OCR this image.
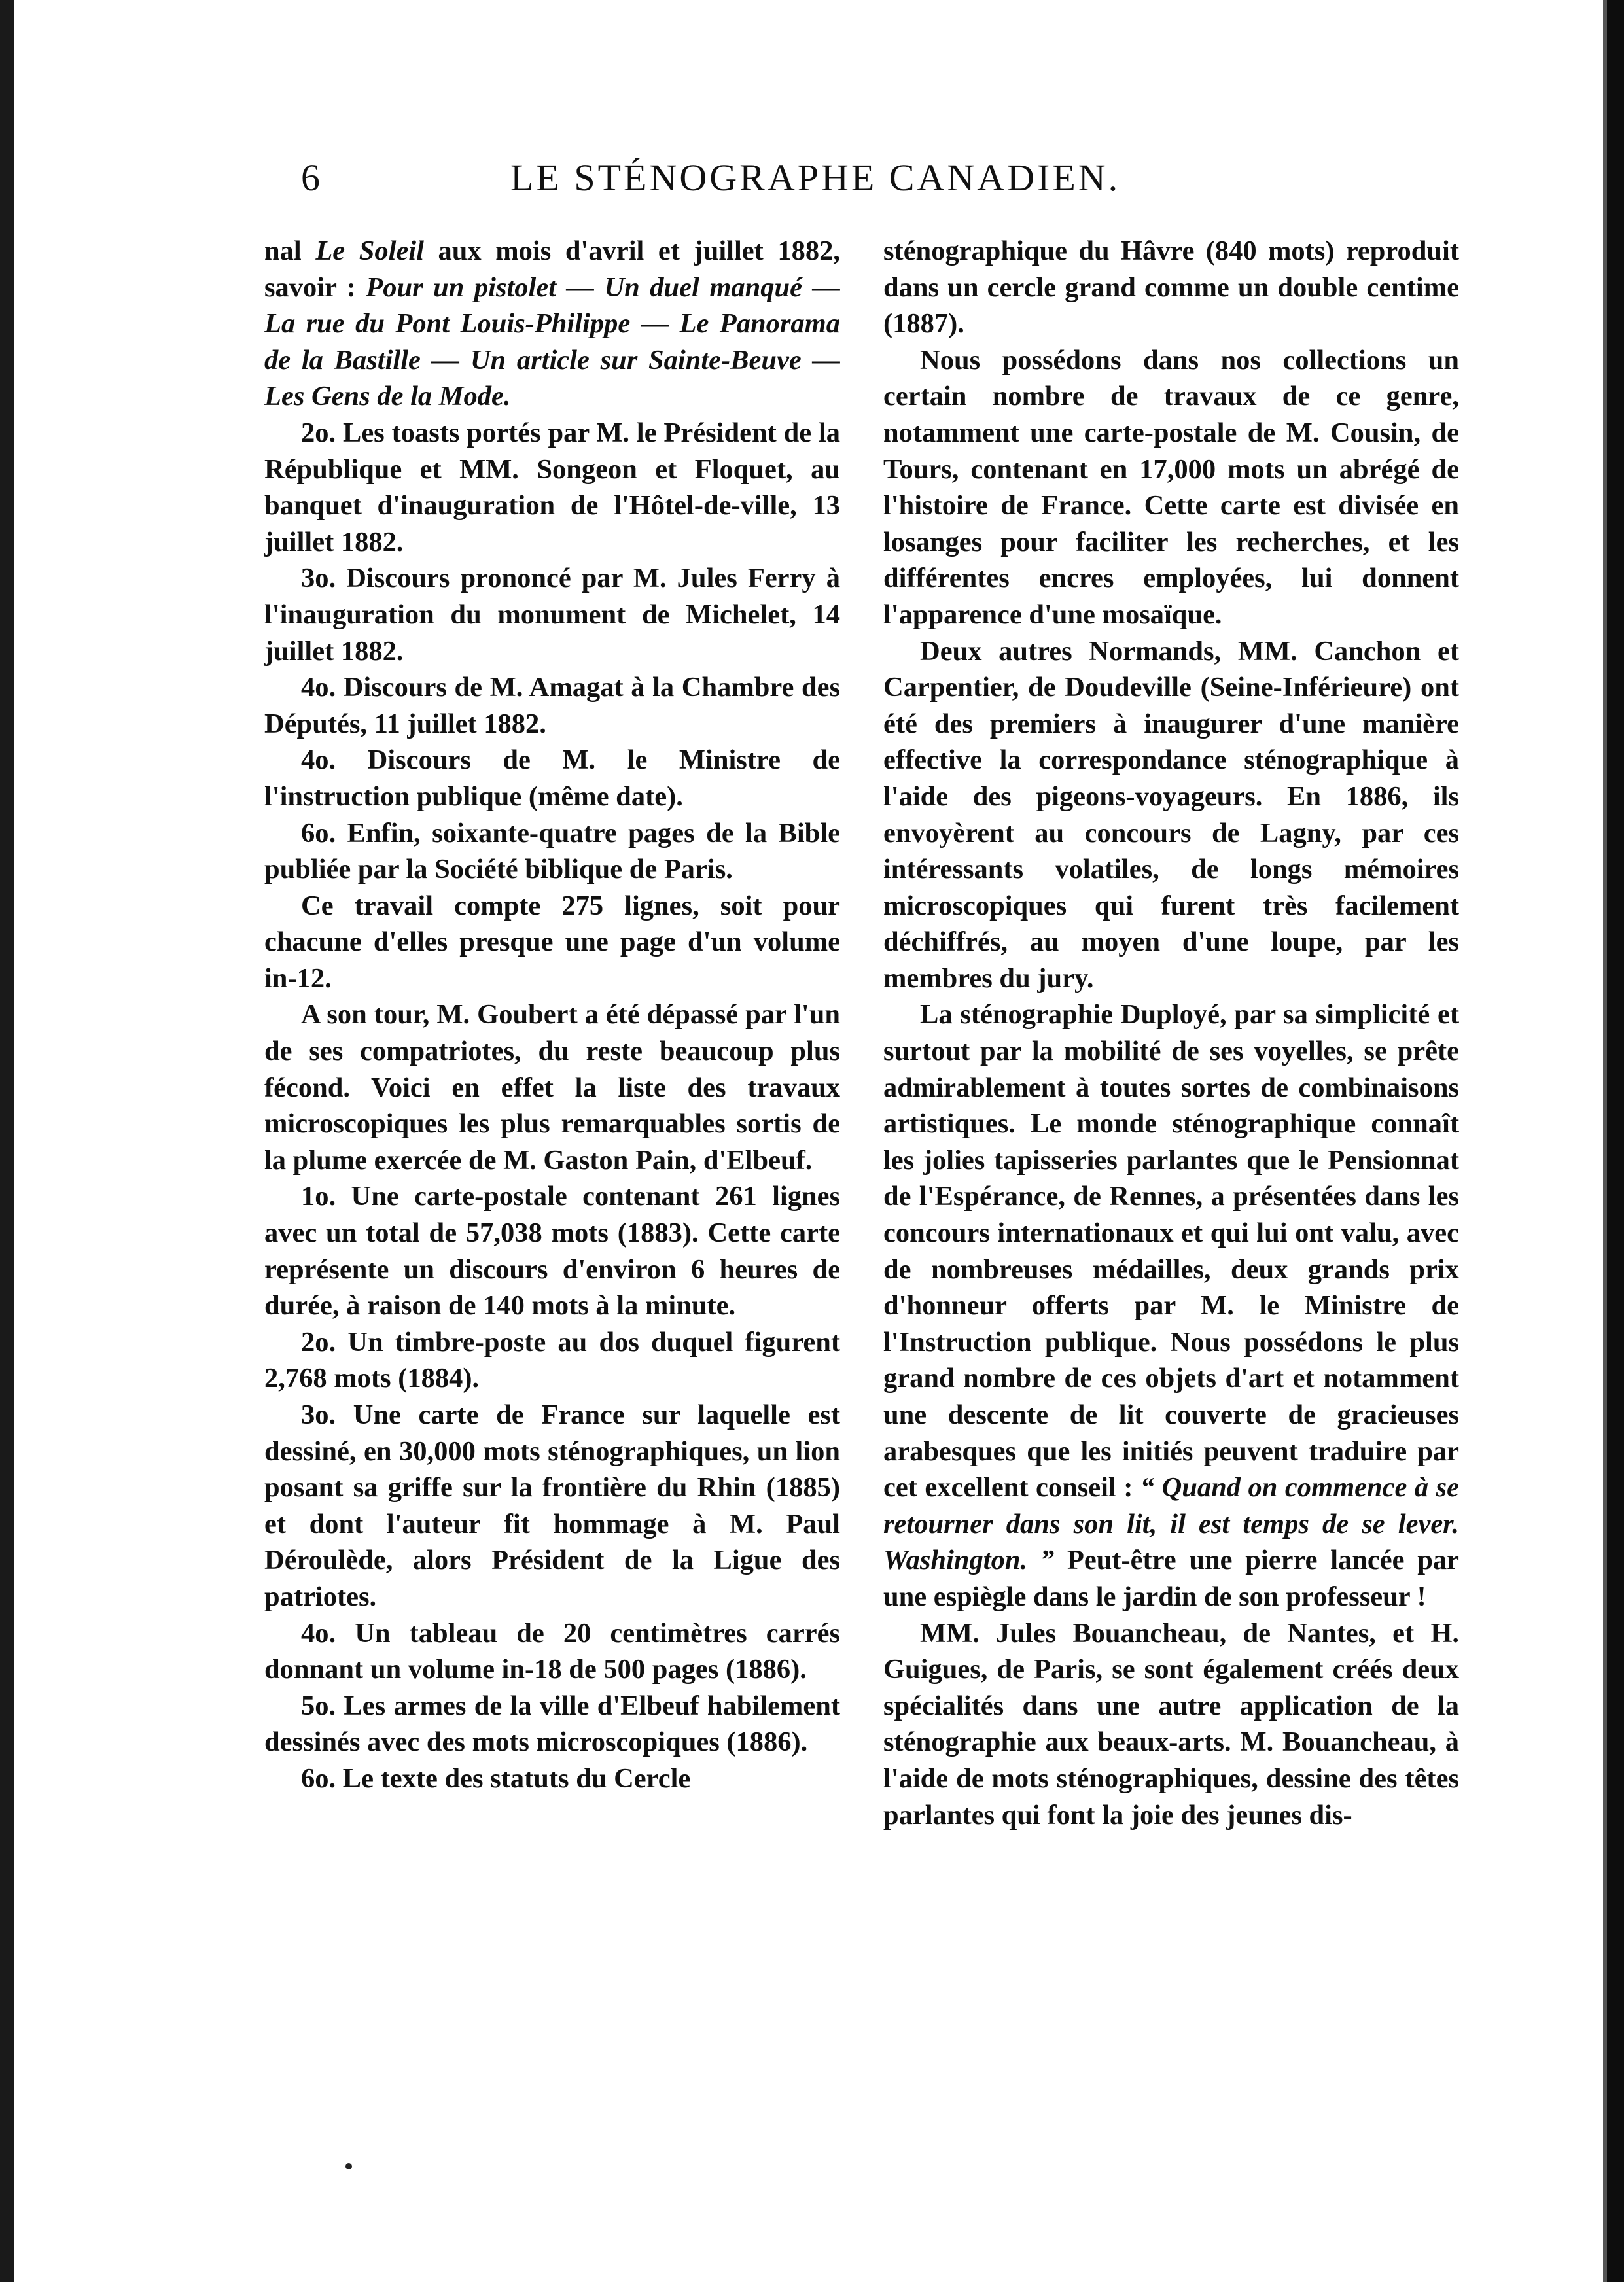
6	LE STÉNOGRAPHE CANADIEN.

nal Le Soleil aux mois d'avril et juillet 1882, savoir : Pour un pistolet — Un duel manqué — La rue du Pont Louis-Philippe — Le Panorama de la Bastille — Un article sur Sainte-Beuve — Les Gens de la Mode.

2o. Les toasts portés par M. le Président de la République et MM. Songeon et Floquet, au banquet d'inauguration de l'Hôtel-de-ville, 13 juillet 1882.

3o. Discours prononcé par M. Jules Ferry à l'inauguration du monument de Michelet, 14 juillet 1882.

4o. Discours de M. Amagat à la Chambre des Députés, 11 juillet 1882.

4o. Discours de M. le Ministre de l'instruction publique (même date).

6o. Enfin, soixante-quatre pages de la Bible publiée par la Société biblique de Paris.

Ce travail compte 275 lignes, soit pour chacune d'elles presque une page d'un volume in-12.

A son tour, M. Goubert a été dépassé par l'un de ses compatriotes, du reste beaucoup plus fécond. Voici en effet la liste des travaux microscopiques les plus remarquables sortis de la plume exercée de M. Gaston Pain, d'Elbeuf.

1o. Une carte-postale contenant 261 lignes avec un total de 57,038 mots (1883). Cette carte représente un discours d'environ 6 heures de durée, à raison de 140 mots à la minute.

2o. Un timbre-poste au dos duquel figurent 2,768 mots (1884).

3o. Une carte de France sur laquelle est dessiné, en 30,000 mots sténographiques, un lion posant sa griffe sur la frontière du Rhin (1885) et dont l'auteur fit hommage à M. Paul Déroulède, alors Président de la Ligue des patriotes.

4o. Un tableau de 20 centimètres carrés donnant un volume in-18 de 500 pages (1886).

5o. Les armes de la ville d'Elbeuf habilement dessinés avec des mots microscopiques (1886).

6o. Le texte des statuts du Cercle

sténographique du Hâvre (840 mots) reproduit dans un cercle grand comme un double centime (1887).

Nous possédons dans nos collections un certain nombre de travaux de ce genre, notamment une carte-postale de M. Cousin, de Tours, contenant en 17,000 mots un abrégé de l'histoire de France. Cette carte est divisée en losanges pour faciliter les recherches, et les différentes encres employées, lui donnent l'apparence d'une mosaïque.

Deux autres Normands, MM. Canchon et Carpentier, de Doudeville (Seine-Inférieure) ont été des premiers à inaugurer d'une manière effective la correspondance sténographique à l'aide des pigeons-voyageurs. En 1886, ils envoyèrent au concours de Lagny, par ces intéressants volatiles, de longs mémoires microscopiques qui furent très facilement déchiffrés, au moyen d'une loupe, par les membres du jury.

La sténographie Duployé, par sa simplicité et surtout par la mobilité de ses voyelles, se prête admirablement à toutes sortes de combinaisons artistiques. Le monde sténographique connaît les jolies tapisseries parlantes que le Pensionnat de l'Espérance, de Rennes, a présentées dans les concours internationaux et qui lui ont valu, avec de nombreuses médailles, deux grands prix d'honneur offerts par M. le Ministre de l'Instruction publique. Nous possédons le plus grand nombre de ces objets d'art et notamment une descente de lit couverte de gracieuses arabesques que les initiés peuvent traduire par cet excellent conseil : “ Quand on commence à se retourner dans son lit, il est temps de se lever. Washington. ” Peut-être une pierre lancée par une espiègle dans le jardin de son professeur !

MM. Jules Bouancheau, de Nantes, et H. Guigues, de Paris, se sont également créés deux spécialités dans une autre application de la sténographie aux beaux-arts. M. Bouancheau, à l'aide de mots sténographiques, dessine des têtes parlantes qui font la joie des jeunes dis-
